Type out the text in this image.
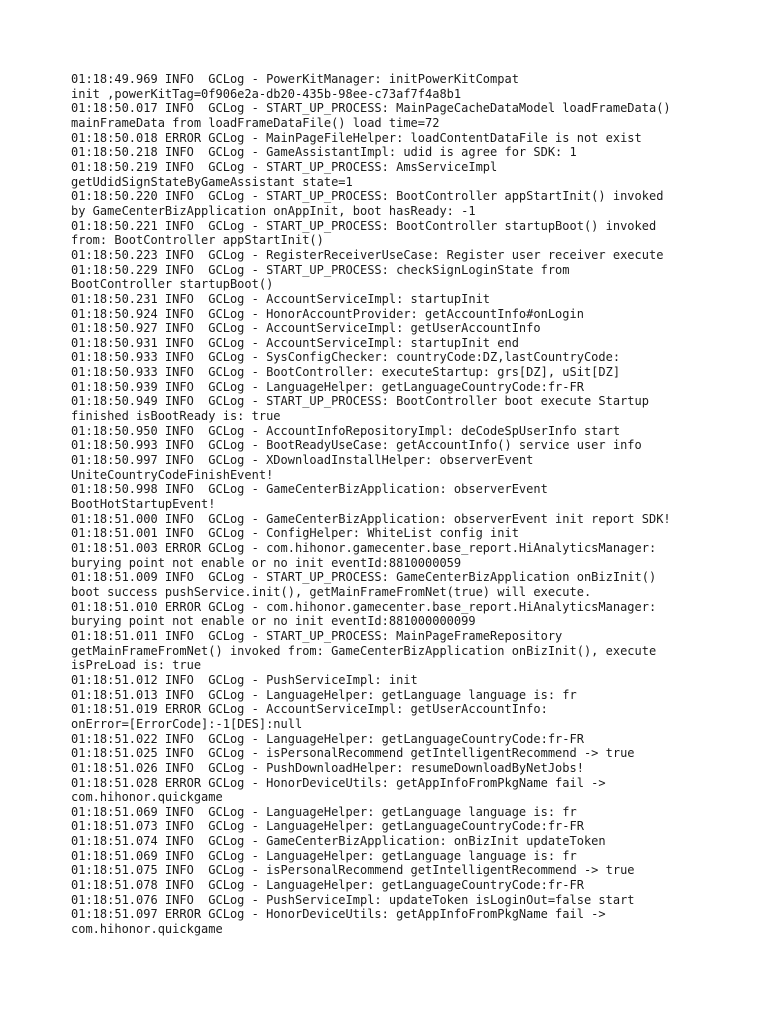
01:18:49.969 INFO  GCLog - PowerKitManager: initPowerKitCompat
init ,powerKitTag=0f906e2a-db20-435b-98ee-c73af7f4a8b1

01:18:50.017 INFO  GCLog - START_UP_PROCESS: MainPageCacheDataModel loadFrameData()
mainFrameData from loadFrameDataFile() load time=72

01:18:50.018 ERROR GCLog - MainPageFileHelper: loadContentDataFile is not exist

01:18:50.218 INFO  GCLog - GameAssistantImpl: udid is agree for SDK: 1

01:18:50.219 INFO  GCLog - START_UP_PROCESS: AmsServiceImpl
getUdidSignStateByGameAssistant state=1

01:18:50.220 INFO  GCLog - START_UP_PROCESS: BootController appStartInit() invoked
by GameCenterBizApplication onAppInit, boot hasReady: -1

01:18:50.221 INFO  GCLog - START_UP_PROCESS: BootController startupBoot() invoked
from: BootController appStartInit()

01:18:50.223 INFO  GCLog - RegisterReceiverUseCase: Register user receiver execute

01:18:50.229 INFO  GCLog - START_UP_PROCESS: checkSignLoginState from
BootController startupBoot()

01:18:50.231 INFO  GCLog - AccountServiceImpl: startupInit

01:18:50.924 INFO  GCLog - HonorAccountProvider: getAccountInfo#onLogin

01:18:50.927 INFO  GCLog - AccountServiceImpl: getUserAccountInfo

01:18:50.931 INFO  GCLog - AccountServiceImpl: startupInit end

01:18:50.933 INFO  GCLog - SysConfigChecker: countryCode:DZ,lastCountryCode:

01:18:50.933 INFO  GCLog - BootController: executeStartup: grs[DZ], uSit[DZ]

01:18:50.939 INFO  GCLog - LanguageHelper: getLanguageCountryCode:fr-FR

01:18:50.949 INFO  GCLog - START_UP_PROCESS: BootController boot execute Startup
finished isBootReady is: true

01:18:50.950 INFO  GCLog - AccountInfoRepositoryImpl: deCodeSpUserInfo start

01:18:50.993 INFO  GCLog - BootReadyUseCase: getAccountInfo() service user info

01:18:50.997 INFO  GCLog - XDownloadInstallHelper: observerEvent
UniteCountryCodeFinishEvent!

01:18:50.998 INFO  GCLog - GameCenterBizApplication: observerEvent
BootHotStartupEvent!

01:18:51.000 INFO  GCLog - GameCenterBizApplication: observerEvent init report SDK!

01:18:51.001 INFO  GCLog - ConfigHelper: WhiteList config init

01:18:51.003 ERROR GCLog - com.hihonor.gamecenter.base_report.HiAnalyticsManager:
burying point not enable or no init eventId:8810000059

01:18:51.009 INFO  GCLog - START_UP_PROCESS: GameCenterBizApplication onBizInit()
boot success pushService.init(), getMainFrameFromNet(true) will execute.

01:18:51.010 ERROR GCLog - com.hihonor.gamecenter.base_report.HiAnalyticsManager:
burying point not enable or no init eventId:881000000099

01:18:51.011 INFO  GCLog - START_UP_PROCESS: MainPageFrameRepository
getMainFrameFromNet() invoked from: GameCenterBizApplication onBizInit(), execute
isPreLoad is: true

01:18:51.012 INFO  GCLog - PushServiceImpl: init

01:18:51.013 INFO  GCLog - LanguageHelper: getLanguage language is: fr

01:18:51.019 ERROR GCLog - AccountServiceImpl: getUserAccountInfo:
onError=[ErrorCode]:-1[DES]:null

01:18:51.022 INFO  GCLog - LanguageHelper: getLanguageCountryCode:fr-FR

01:18:51.025 INFO  GCLog - isPersonalRecommend getIntelligentRecommend -> true

01:18:51.026 INFO  GCLog - PushDownloadHelper: resumeDownloadByNetJobs!

01:18:51.028 ERROR GCLog - HonorDeviceUtils: getAppInfoFromPkgName fail ->
com.hihonor.quickgame

01:18:51.069 INFO  GCLog - LanguageHelper: getLanguage language is: fr

01:18:51.073 INFO  GCLog - LanguageHelper: getLanguageCountryCode:fr-FR

01:18:51.074 INFO  GCLog - GameCenterBizApplication: onBizInit updateToken

01:18:51.069 INFO  GCLog - LanguageHelper: getLanguage language is: fr

01:18:51.075 INFO  GCLog - isPersonalRecommend getIntelligentRecommend -> true

01:18:51.078 INFO  GCLog - LanguageHelper: getLanguageCountryCode:fr-FR

01:18:51.076 INFO  GCLog - PushServiceImpl: updateToken isLoginOut=false start

01:18:51.097 ERROR GCLog - HonorDeviceUtils: getAppInfoFromPkgName fail ->
com.hihonor.quickgame
